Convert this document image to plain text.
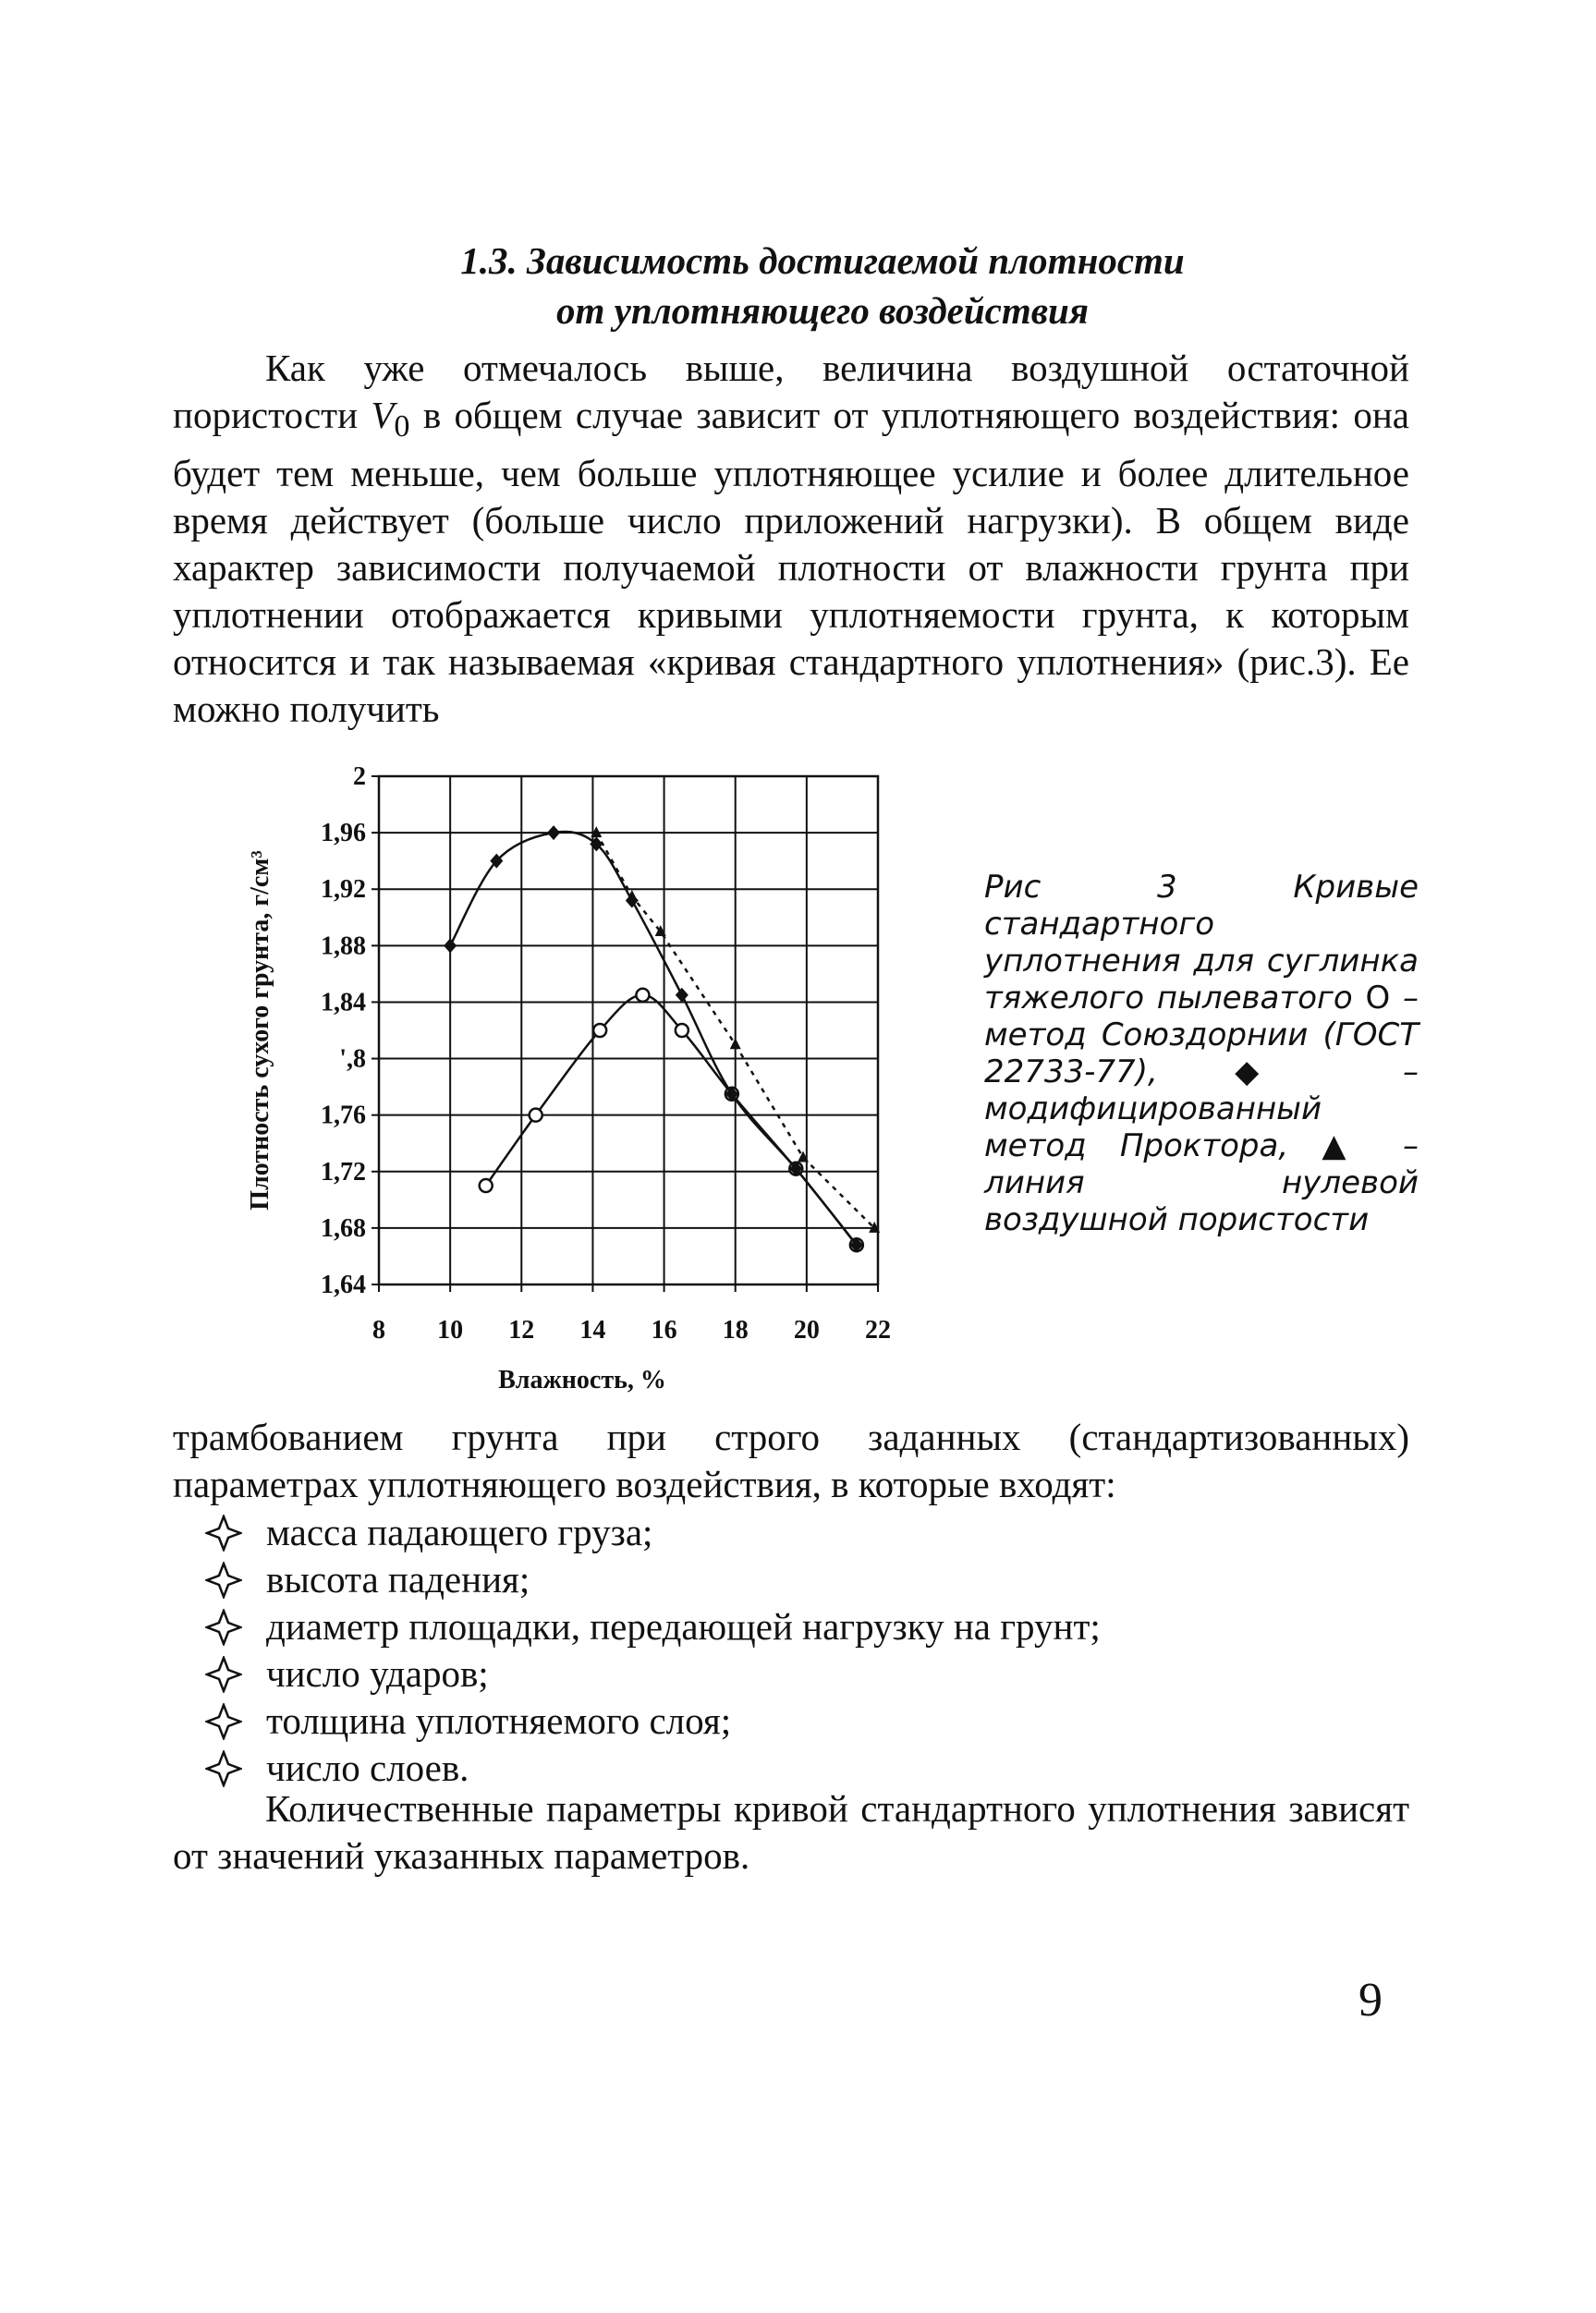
1.3. Зависимость достигаемой плотности
от уплотняющего воздействия

Как уже отмечалось выше, величина воздушной остаточной пористости $V_0$ в общем случае зависит от уплотняющего воздействия: она будет тем меньше, чем больше уплотняющее усилие и более длительное время действует (больше число приложений нагрузки). В общем виде характер зависимости получаемой плотности от влажности грунта при уплотнении отображается кривыми уплотняемости грунта, к которым относится и так называемая «кривая стандартного уплотнения» (рис.3). Ее можно получить

8 10 12 14 16 18 20 22
2
1,96
1,92
1,88
1,84
',8
1,76
1,72
1,68
1,64
Плотность сухого грунта, г/см³
Влажность, %
Рис 3 Кривые стандартного уплотнения для суглинка тяжелого пылеватого О – метод Союздорнии (ГОСТ 22733-77), ◆ – модифицированный метод Проктора, ▲ – линия нулевой воздушной пористости

трамбованием грунта при строго заданных (стандартизованных) параметрах уплотняющего воздействия, в которые входят:

масса падающего груза;
высота падения;
диаметр площадки, передающей нагрузку на грунт;
число ударов;
толщина уплотняемого слоя;
число слоев.

Количественные параметры кривой стандартного уплотнения зависят от значений указанных параметров.

9
